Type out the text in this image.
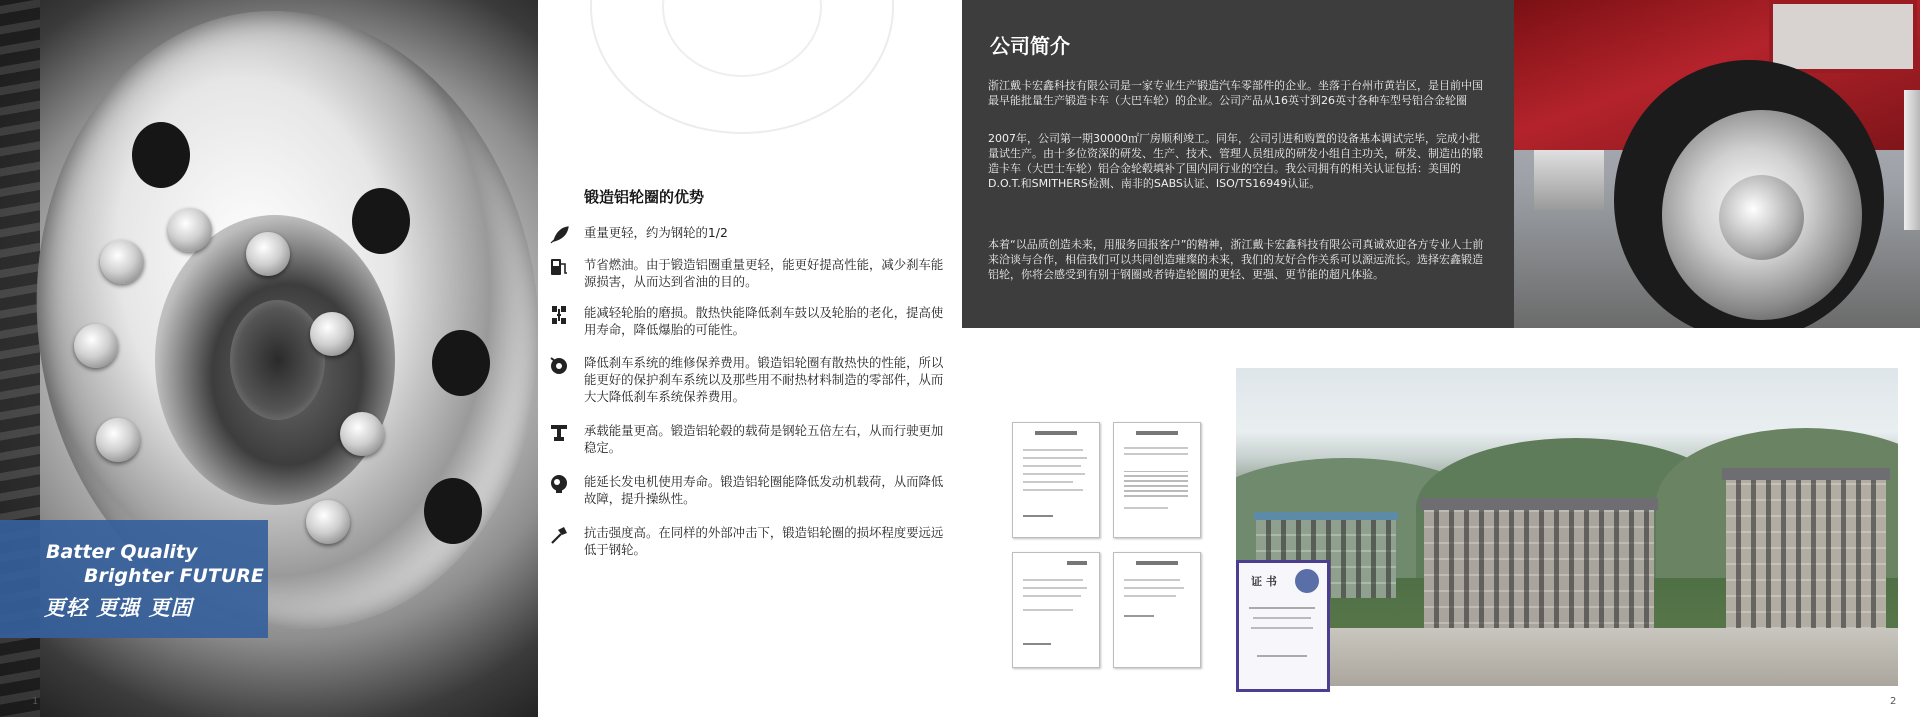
Batter Quality
Brighter FUTURE
更轻 更强 更固
1
锻造铝轮圈的优势
重量更轻，约为钢轮的1/2
节省燃油。由于锻造铝圈重量更轻，能更好提高性能，减少刹车能源损害，从而达到省油的目的。
能减轻轮胎的磨损。散热快能降低刹车鼓以及轮胎的老化，提高使用寿命，降低爆胎的可能性。
降低刹车系统的维修保养费用。锻造铝轮圈有散热快的性能，所以能更好的保护刹车系统以及那些用不耐热材料制造的零部件，从而大大降低刹车系统保养费用。
承载能量更高。锻造铝轮毂的载荷是钢轮五倍左右，从而行驶更加稳定。
能延长发电机使用寿命。锻造铝轮圈能降低发动机载荷，从而降低故障，提升操纵性。
抗击强度高。在同样的外部冲击下，锻造铝轮圈的损坏程度要远远低于钢轮。
公司简介
浙江戴卡宏鑫科技有限公司是一家专业生产锻造汽车零部件的企业。坐落于台州市黄岩区，是目前中国最早能批量生产锻造卡车（大巴车轮）的企业。公司产品从16英寸到26英寸各种车型号铝合金轮圈
2007年，公司第一期30000㎡厂房顺利竣工。同年，公司引进和购置的设备基本调试完毕，完成小批量试生产。由十多位资深的研发、生产、技术、管理人员组成的研发小组自主功关，研发、制造出的锻造卡车（大巴士车轮）铝合金轮毂填补了国内同行业的空白。我公司拥有的相关认证包括：美国的D.O.T.和SMITHERS检测、南非的SABS认证、ISO/TS16949认证。
本着“以品质创造未来，用服务回报客户”的精神，浙江戴卡宏鑫科技有限公司真诚欢迎各方专业人士前来洽谈与合作，相信我们可以共同创造璀璨的未来，我们的友好合作关系可以源远流长。选择宏鑫锻造铝轮，你将会感受到有别于钢圈或者铸造轮圈的更轻、更强、更节能的超凡体验。
证 书
2
